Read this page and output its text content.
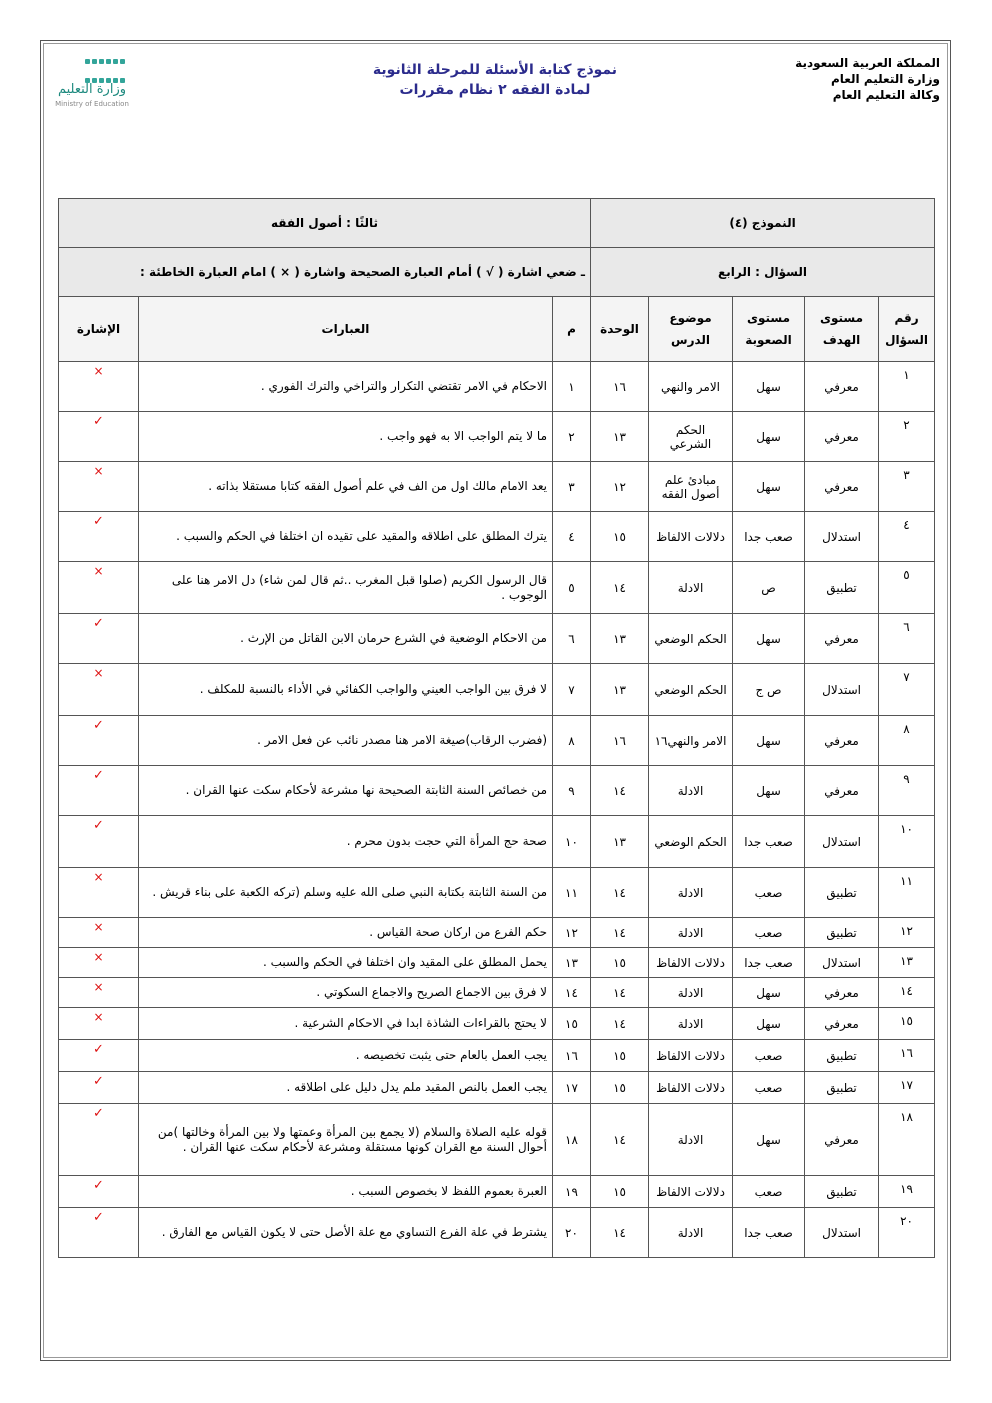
المملكة العربية السعودية
وزارة التعليم العام
وكالة التعليم العام
نموذج كتابة الأسئلة للمرحلة الثانوية
لمادة الفقه ٢ نظام مقررات

وزارة التعليم
Ministry of Education
النموذج (٤)					ثالثًا : أصول الفقه		
السؤال : الرابع					ـ ضعي اشارة ( √ ) أمام العبارة الصحيحة واشارة ( × ) امام العبارة الخاطئة :		
رقم السؤال	مستوى الهدف	مستوى الصعوبة	موضوع الدرس	الوحدة	م	العبارات	الإشارة
١	معرفي	سهل	الامر والنهي	١٦	١	الاحكام في الامر تقتضي التكرار والتراخي والترك الفوري .	×
٢	معرفي	سهل	الحكم الشرعي	١٣	٢	ما لا يتم الواجب الا به فهو واجب .	✓
٣	معرفي	سهل	مبادئ علم أصول الفقه	١٢	٣	يعد الامام مالك اول من الف في علم أصول الفقه كتابا مستقلا بذاته .	×
٤	استدلال	صعب جدا	دلالات الالفاظ	١٥	٤	يترك المطلق على اطلاقه والمقيد على تقيده ان اختلفا في الحكم والسبب .	✓
٥	تطبيق	ص	الادلة	١٤	٥	قال الرسول الكريم (صلوا قبل المغرب ..ثم قال لمن شاء) دل الامر هنا على الوجوب .	×
٦	معرفي	سهل	الحكم الوضعي	١٣	٦	من الاحكام الوضعية في الشرع حرمان الابن القاتل من الإرث .	✓
٧	استدلال	ص ج	الحكم الوضعي	١٣	٧	لا فرق بين الواجب العيني والواجب الكفائي في الأداء بالنسبة للمكلف .	×
٨	معرفي	سهل	الامر والنهي١٦	١٦	٨	(فضرب الرقاب)صيغة الامر هنا مصدر نائب عن فعل الامر .	✓
٩	معرفي	سهل	الادلة	١٤	٩	من خصائص السنة الثابتة الصحيحة نها مشرعة لأحكام سكت عنها القران .	✓
١٠	استدلال	صعب جدا	الحكم الوضعي	١٣	١٠	صحة حج المرأة التي حجت بدون محرم .	✓
١١	تطبيق	صعب	الادلة	١٤	١١	من السنة الثابتة بكتابة النبي صلى الله عليه وسلم (تركه الكعبة على بناء قريش .	×
١٢	تطبيق	صعب	الادلة	١٤	١٢	حكم الفرع من اركان صحة القياس .	×
١٣	استدلال	صعب جدا	دلالات الالفاظ	١٥	١٣	يحمل المطلق على المقيد وان اختلفا في الحكم والسبب .	×
١٤	معرفي	سهل	الادلة	١٤	١٤	لا فرق بين الاجماع الصريح والاجماع السكوتي .	×
١٥	معرفي	سهل	الادلة	١٤	١٥	لا يحتج بالقراءات الشاذة ابدا في الاحكام الشرعية .	×
١٦	تطبيق	صعب	دلالات الالفاظ	١٥	١٦	يجب العمل بالعام حتى يثبت تخصيصه .	✓
١٧	تطبيق	صعب	دلالات الالفاظ	١٥	١٧	يجب العمل بالنص المقيد ملم يدل دليل على اطلاقه .	✓
١٨	معرفي	سهل	الادلة	١٤	١٨	قوله عليه الصلاة والسلام (لا يجمع بين المرأة وعمتها ولا بين المرأة وخالتها )من أحوال السنة مع القران كونها مستقلة ومشرعة لأحكام سكت عنها القران .	✓
١٩	تطبيق	صعب	دلالات الالفاظ	١٥	١٩	العبرة بعموم اللفظ لا بخصوص السبب .	✓
٢٠	استدلال	صعب جدا	الادلة	١٤	٢٠	يشترط في علة الفرع التساوي مع علة الأصل حتى لا يكون القياس مع الفارق .	✓
